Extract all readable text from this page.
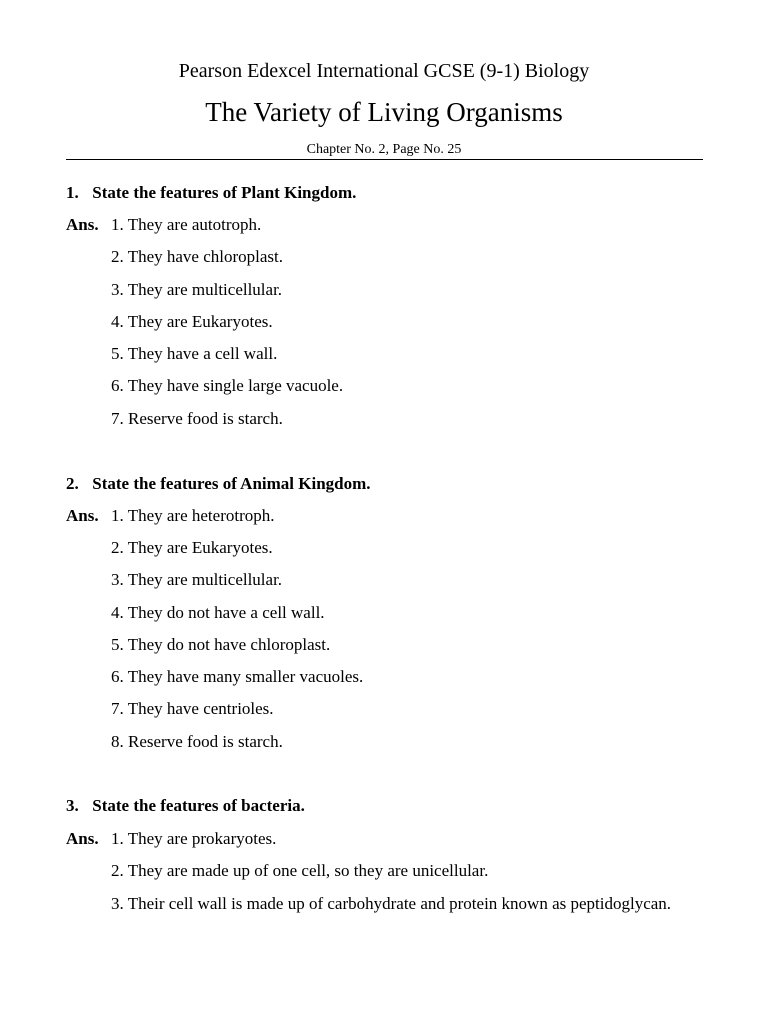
Pearson Edexcel International GCSE (9-1) Biology
The Variety of Living Organisms
Chapter No. 2, Page No. 25
1. State the features of Plant Kingdom.
Ans. 1. They are autotroph.
2. They have chloroplast.
3. They are multicellular.
4. They are Eukaryotes.
5. They have a cell wall.
6. They have single large vacuole.
7. Reserve food is starch.
2. State the features of Animal Kingdom.
Ans. 1. They are heterotroph.
2. They are Eukaryotes.
3. They are multicellular.
4. They do not have a cell wall.
5. They do not have chloroplast.
6. They have many smaller vacuoles.
7. They have centrioles.
8. Reserve food is starch.
3. State the features of bacteria.
Ans. 1. They are prokaryotes.
2. They are made up of one cell, so they are unicellular.
3. Their cell wall is made up of carbohydrate and protein known as peptidoglycan.
